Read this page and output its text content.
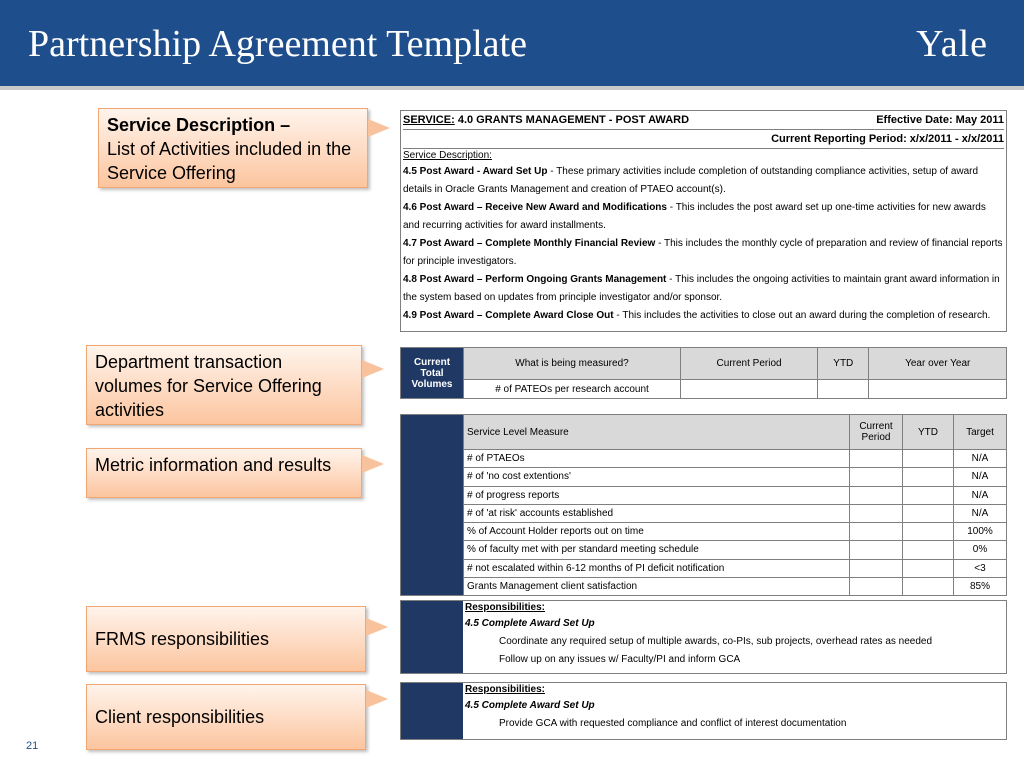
Partnership Agreement Template	Yale
Service Description –
List of Activities included in the Service Offering
Department transaction volumes for Service Offering activities
Metric information and results
FRMS responsibilities
Client responsibilities
SERVICE: 4.0 GRANTS MANAGEMENT - POST AWARD	Effective Date: May 2011
Current Reporting Period: x/x/2011 - x/x/2011
Service Description:
4.5 Post Award - Award Set Up - These primary activities include completion of outstanding compliance activities, setup of award details in Oracle Grants Management and creation of PTAEO account(s).
4.6 Post Award – Receive New Award and Modifications - This includes the post award set up one-time activities for new awards and recurring activities for award installments.
4.7 Post Award – Complete Monthly Financial Review - This includes the monthly cycle of preparation and review of financial reports for principle investigators.
4.8 Post Award – Perform Ongoing Grants Management - This includes the ongoing activities to maintain grant award information in the system based on updates from principle investigator and/or sponsor.
4.9 Post Award – Complete Award Close Out - This includes the activities to close out an award during the completion of research.
Current Total Volumes	What is being measured?	Current Period	YTD	Year over Year
	# of PATEOs per research account			
	Service Level Measure	Current Period	YTD	Target
	# of PTAEOs			N/A
	# of 'no cost extentions'			N/A
	# of progress reports			N/A
	# of 'at risk' accounts established			N/A
	% of Account Holder reports out on time			100%
	% of faculty met with per standard meeting schedule			0%
	# not escalated within 6-12 months of PI deficit notification			<3
	Grants Management client satisfaction			85%
Responsibilities:
4.5 Complete Award Set Up
Coordinate any required setup of multiple awards, co-PIs, sub projects, overhead rates as needed
Follow up on any issues w/ Faculty/PI and inform GCA
Responsibilities:
4.5 Complete Award Set Up
Provide GCA with requested compliance and conflict of interest documentation
21
